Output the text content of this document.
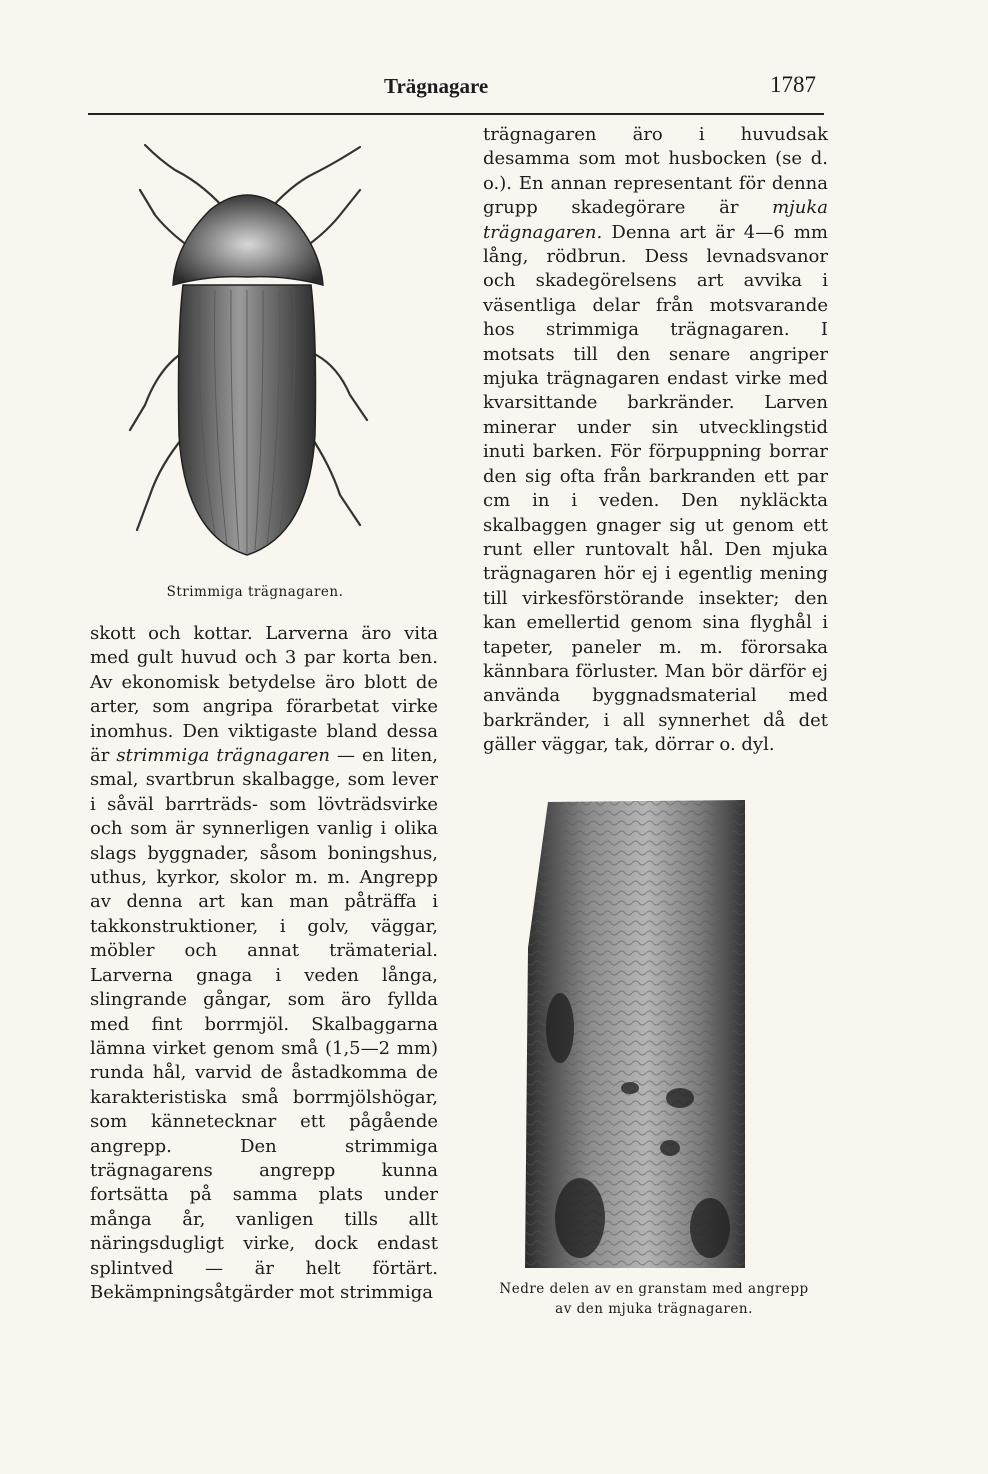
Trägnagare	1787
Strimmiga trägnagaren.

skott och kottar. Larverna äro vita med gult huvud och 3 par korta ben. Av ekonomisk betydelse äro blott de arter, som angripa förarbetat virke inomhus. Den viktigaste bland dessa är strimmiga trägnagaren — en liten, smal, svartbrun skalbagge, som lever i såväl barrträds- som lövträdsvirke och som är synnerligen vanlig i olika slags byggnader, såsom boningshus, uthus, kyrkor, skolor m. m. Angrepp av denna art kan man påträffa i takkonstruktioner, i golv, väggar, möbler och annat trämaterial. Larverna gnaga i veden långa, slingrande gångar, som äro fyllda med fint borrmjöl. Skalbaggarna lämna virket genom små (1,5—2 mm) runda hål, varvid de åstadkomma de karakteristiska små borrmjölshögar, som kännetecknar ett pågående angrepp. Den strimmiga trägnagarens angrepp kunna fortsätta på samma plats under många år, vanligen tills allt näringsdugligt virke, dock endast splintved — är helt förtärt. Bekämpningsåtgärder mot strimmiga

trägnagaren äro i huvudsak desamma som mot husbocken (se d. o.). En annan representant för denna grupp skadegörare är mjuka trägnagaren. Denna art är 4—6 mm lång, rödbrun. Dess levnadsvanor och skadegörelsens art avvika i väsentliga delar från motsvarande hos strimmiga trägnagaren. I motsats till den senare angriper mjuka trägnagaren endast virke med kvarsittande barkränder. Larven minerar under sin utvecklingstid inuti barken. För förpuppning borrar den sig ofta från barkranden ett par cm in i veden. Den nykläckta skalbaggen gnager sig ut genom ett runt eller runtovalt hål. Den mjuka trägnagaren hör ej i egentlig mening till virkesförstörande insekter; den kan emellertid genom sina flyghål i tapeter, paneler m. m. förorsaka kännbara förluster. Man bör därför ej använda byggnadsmaterial med barkränder, i all synnerhet då det gäller väggar, tak, dörrar o. dyl.

Nedre delen av en granstam med angrepp
av den mjuka trägnagaren.
